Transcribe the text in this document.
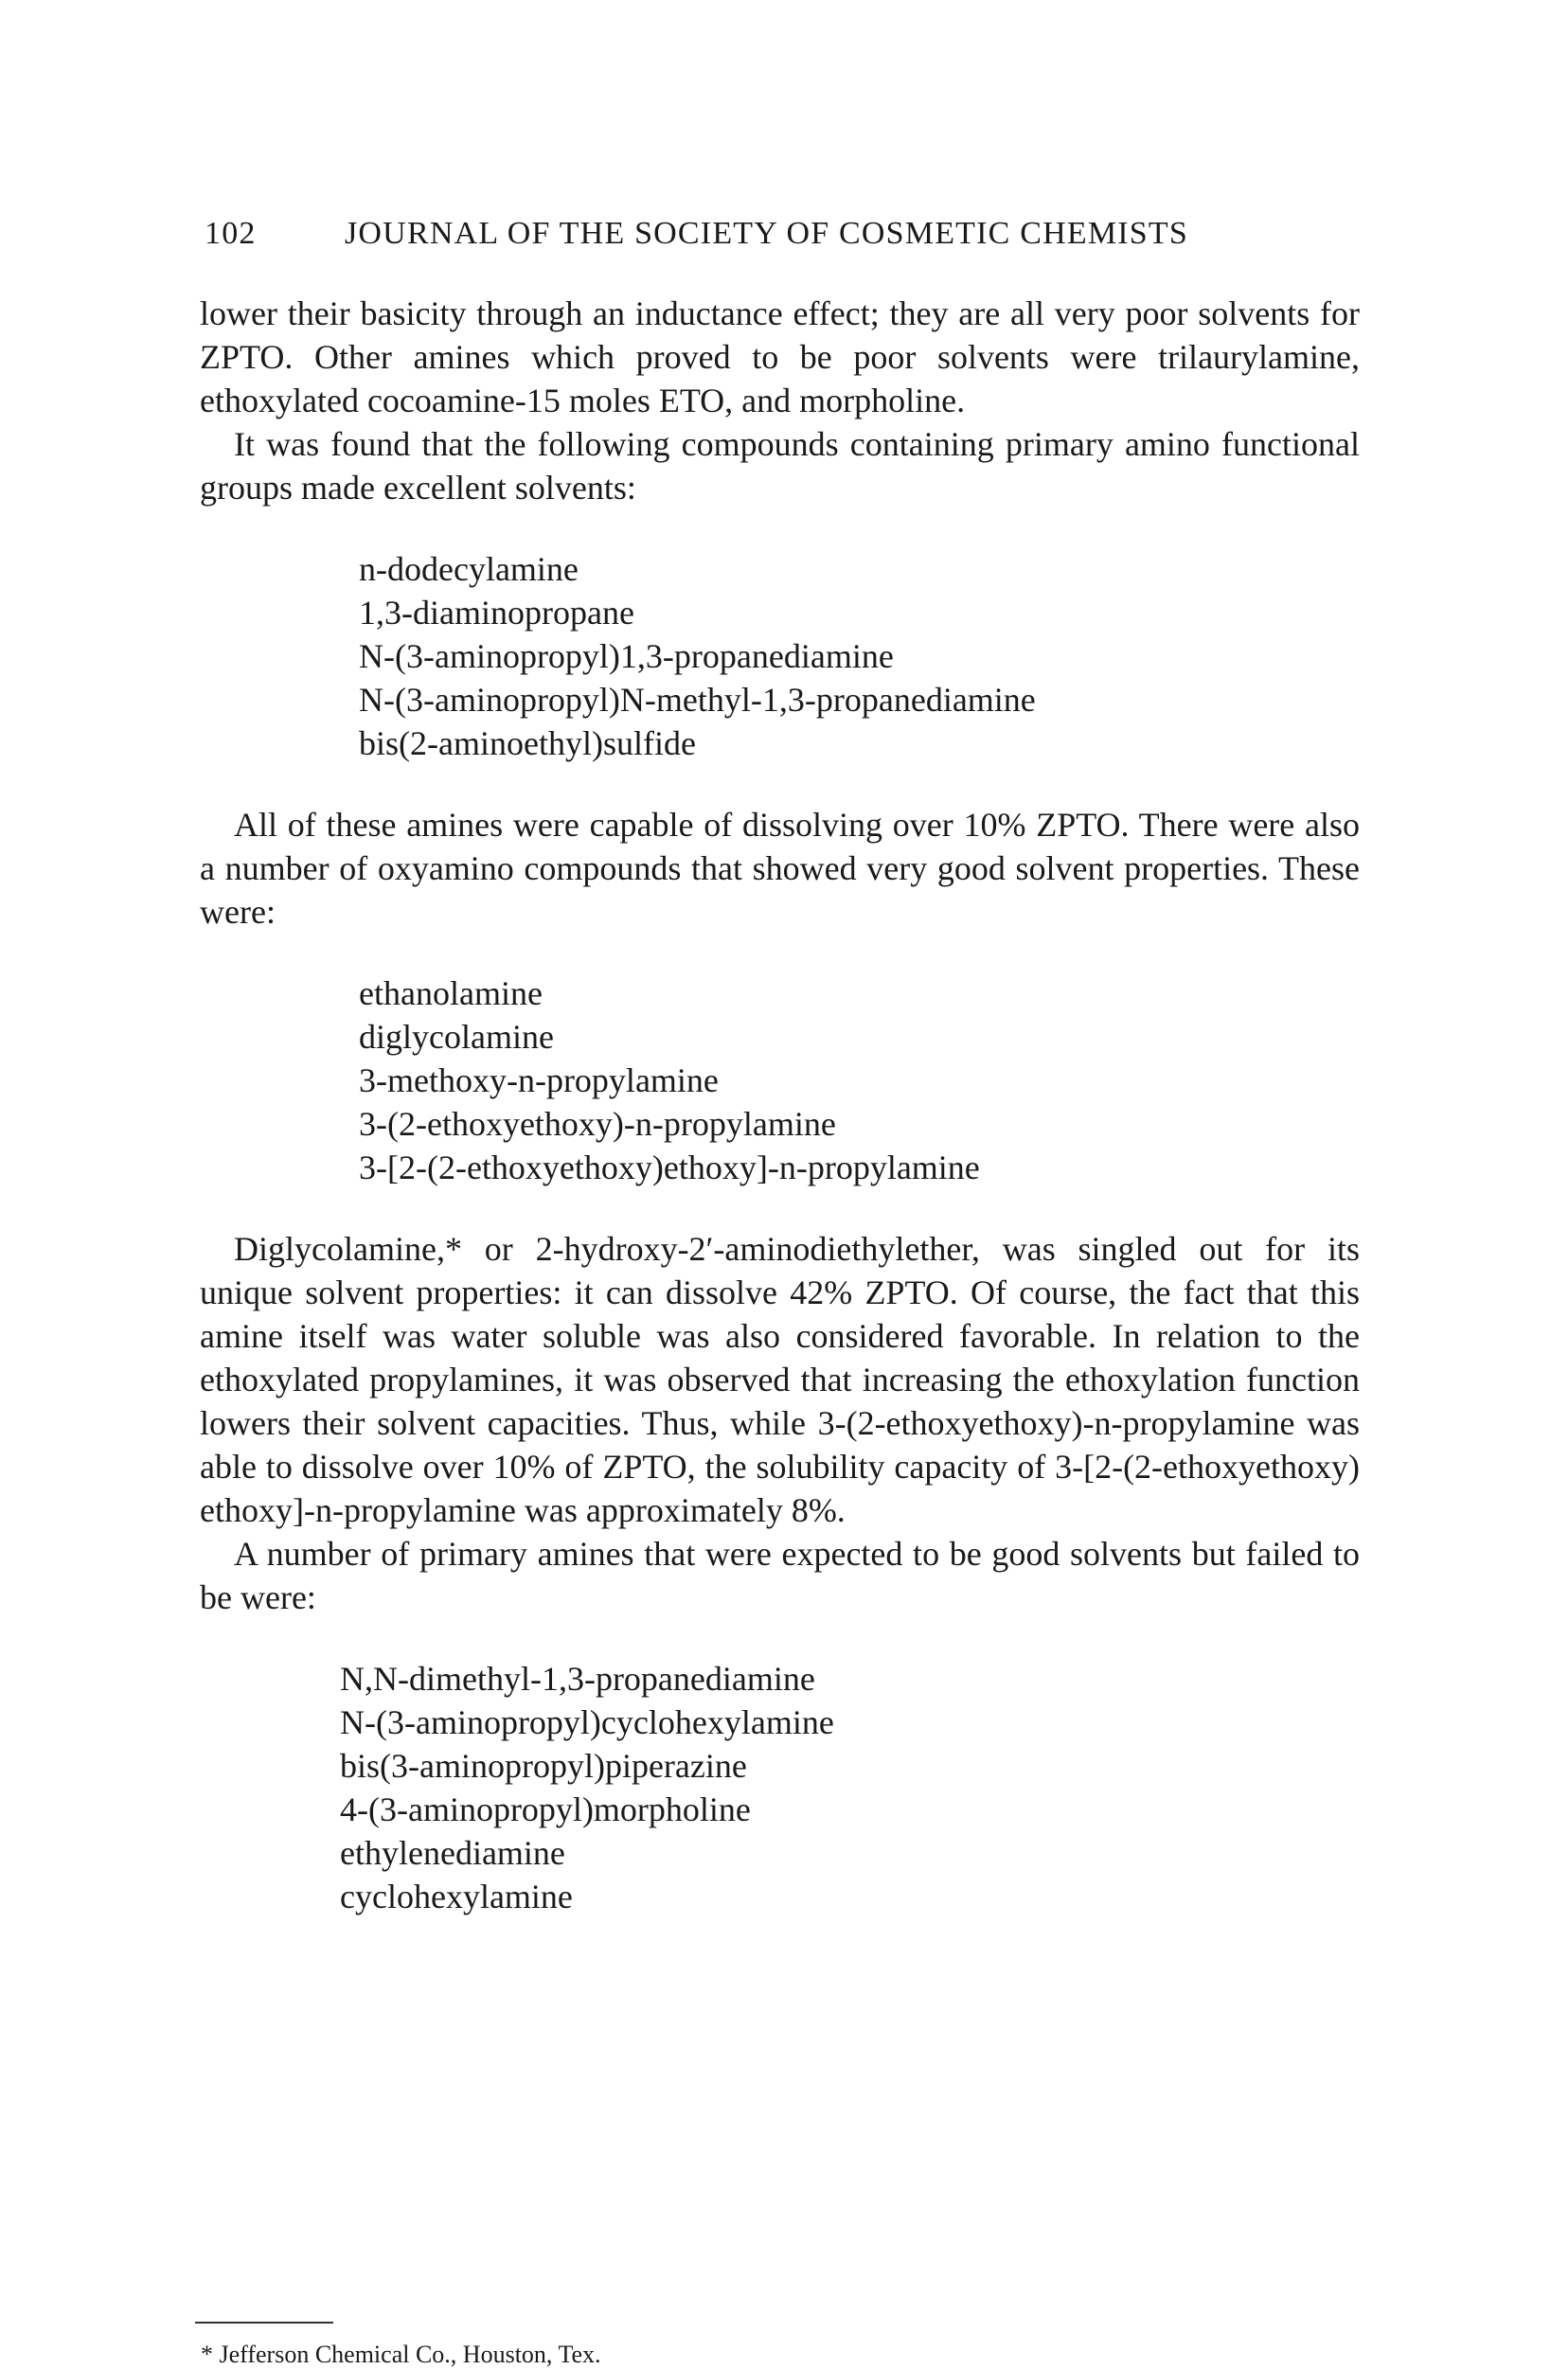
102	JOURNAL OF THE SOCIETY OF COSMETIC CHEMISTS

lower their basicity through an inductance effect; they are all very poor solvents for ZPTO. Other amines which proved to be poor solvents were trilaurylamine, ethoxylated cocoamine-15 moles ETO, and morpholine.

It was found that the following compounds containing primary amino functional groups made excellent solvents:

n-dodecylamine
1,3-diaminopropane
N-(3-aminopropyl)1,3-propanediamine
N-(3-aminopropyl)N-methyl-1,3-propanediamine
bis(2-aminoethyl)sulfide

All of these amines were capable of dissolving over 10% ZPTO. There were also a number of oxyamino compounds that showed very good solvent properties. These were:

ethanolamine
diglycolamine
3-methoxy-n-propylamine
3-(2-ethoxyethoxy)-n-propylamine
3-[2-(2-ethoxyethoxy)ethoxy]-n-propylamine

Diglycolamine,* or 2-hydroxy-2′-aminodiethylether, was singled out for its unique solvent properties: it can dissolve 42% ZPTO. Of course, the fact that this amine itself was water soluble was also considered favorable. In relation to the ethoxylated propylamines, it was observed that increasing the ethoxylation function lowers their solvent capacities. Thus, while 3-(2-ethoxyethoxy)-n-propylamine was able to dissolve over 10% of ZPTO, the solubility capacity of 3-[2-(2-ethoxyethoxy) ethoxy]-n-propylamine was approximately 8%.

A number of primary amines that were expected to be good solvents but failed to be were:

N,N-dimethyl-1,3-propanediamine
N-(3-aminopropyl)cyclohexylamine
bis(3-aminopropyl)piperazine
4-(3-aminopropyl)morpholine
ethylenediamine
cyclohexylamine
* Jefferson Chemical Co., Houston, Tex.
